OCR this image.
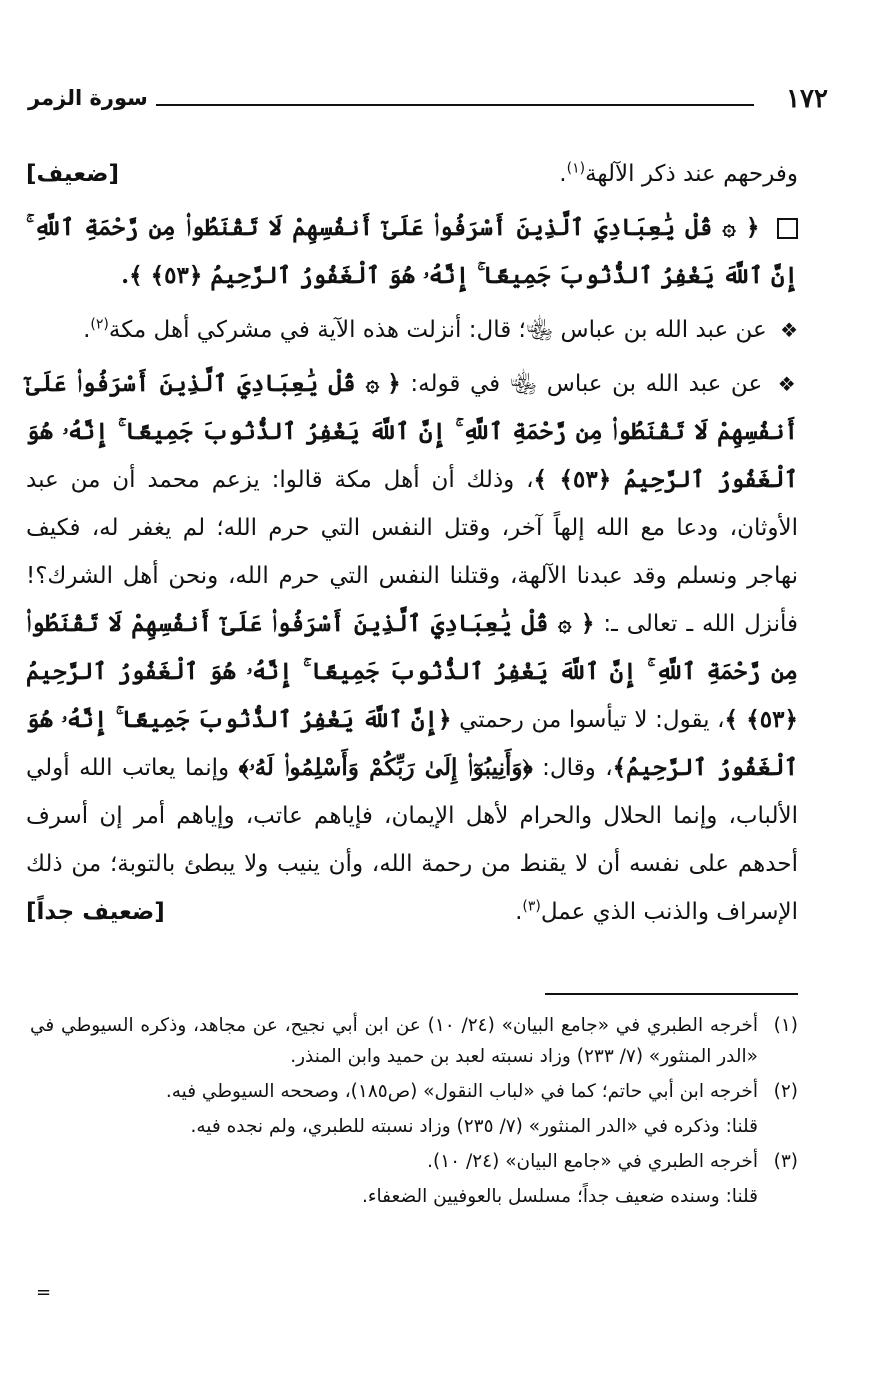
١٧٢
سورة الزمر

[ضعيف]	وفرحهم عند ذكر الآلهة$^{(١)}$.

﴿ ۞ قُلْ يَٰعِبَادِيَ ٱلَّذِينَ أَسْرَفُوا۟ عَلَىٰٓ أَنفُسِهِمْ لَا تَقْنَطُوا۟ مِن رَّحْمَةِ ٱللَّهِ ۚ إِنَّ ٱللَّهَ يَغْفِرُ ٱلذُّنُوبَ جَمِيعًا ۚ إِنَّهُۥ هُوَ ٱلْغَفُورُ ٱلرَّحِيمُ ﴿٥٣﴾ ﴾.

❖ عن عبد الله بن عباس ﵄؛ قال: أنزلت هذه الآية في مشركي أهل مكة$^{(٢)}$.

❖ عن عبد الله بن عباس ﵄ في قوله: ﴿ ۞ قُلْ يَٰعِبَادِيَ ٱلَّذِينَ أَسْرَفُوا۟ عَلَىٰٓ أَنفُسِهِمْ لَا تَقْنَطُوا۟ مِن رَّحْمَةِ ٱللَّهِ ۚ إِنَّ ٱللَّهَ يَغْفِرُ ٱلذُّنُوبَ جَمِيعًا ۚ إِنَّهُۥ هُوَ ٱلْغَفُورُ ٱلرَّحِيمُ ﴿٥٣﴾ ﴾، وذلك أن أهل مكة قالوا: يزعم محمد أن من عبد الأوثان، ودعا مع الله إلهاً آخر، وقتل النفس التي حرم الله؛ لم يغفر له، فكيف نهاجر ونسلم وقد عبدنا الآلهة، وقتلنا النفس التي حرم الله، ونحن أهل الشرك؟! فأنزل الله ـ تعالى ـ: ﴿ ۞ قُلْ يَٰعِبَادِيَ ٱلَّذِينَ أَسْرَفُوا۟ عَلَىٰٓ أَنفُسِهِمْ لَا تَقْنَطُوا۟ مِن رَّحْمَةِ ٱللَّهِ ۚ إِنَّ ٱللَّهَ يَغْفِرُ ٱلذُّنُوبَ جَمِيعًا ۚ إِنَّهُۥ هُوَ ٱلْغَفُورُ ٱلرَّحِيمُ ﴿٥٣﴾ ﴾، يقول: لا تيأسوا من رحمتي ﴿إِنَّ ٱللَّهَ يَغْفِرُ ٱلذُّنُوبَ جَمِيعًا ۚ إِنَّهُۥ هُوَ ٱلْغَفُورُ ٱلرَّحِيمُ﴾، وقال: ﴿وَأَنِيبُوٓا۟ إِلَىٰ رَبِّكُمْ وَأَسْلِمُوا۟ لَهُۥ﴾ وإنما يعاتب الله أولي الألباب، وإنما الحلال والحرام لأهل الإيمان، فإياهم عاتب، وإياهم أمر إن أسرف أحدهم على نفسه أن لا يقنط من رحمة الله، وأن ينيب ولا يبطئ بالتوبة؛ من ذلك الإسراف والذنب الذي عمل$^{(٣)}$.
[ضعيف جداً]

(١)
أخرجه الطبري في «جامع البيان» (٢٤/ ١٠) عن ابن أبي نجيح، عن مجاهد، وذكره السيوطي في «الدر المنثور» (٧/ ٢٣٣) وزاد نسبته لعبد بن حميد وابن المنذر.
(٢)
أخرجه ابن أبي حاتم؛ كما في «لباب النقول» (ص١٨٥)، وصححه السيوطي فيه.
قلنا: وذكره في «الدر المنثور» (٧/ ٢٣٥) وزاد نسبته للطبري، ولم نجده فيه.
(٣)
أخرجه الطبري في «جامع البيان» (٢٤/ ١٠).
قلنا: وسنده ضعيف جداً؛ مسلسل بالعوفيين الضعفاء.
=
